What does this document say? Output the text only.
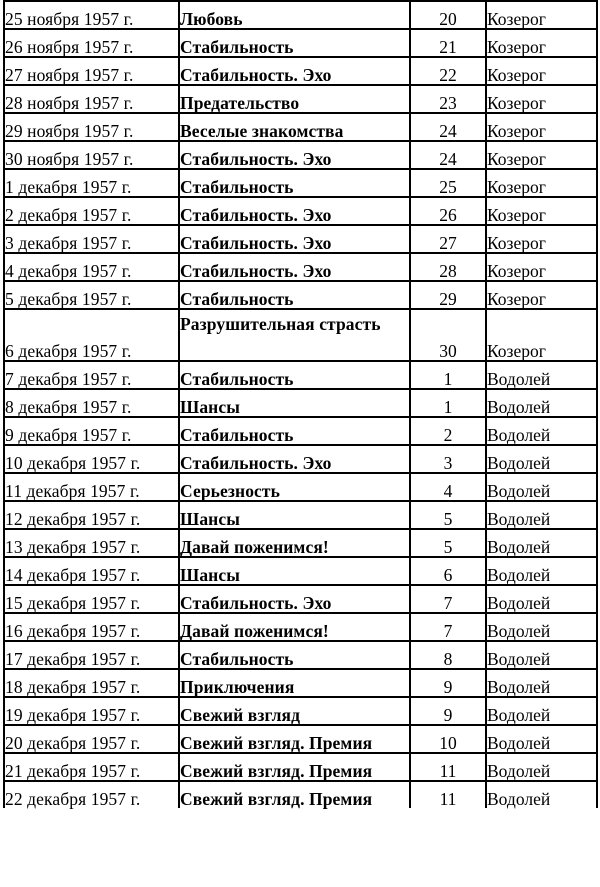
25 ноября 1957 г.	Любовь	20	Козерог
26 ноября 1957 г.	Стабильность	21	Козерог
27 ноября 1957 г.	Стабильность. Эхо	22	Козерог
28 ноября 1957 г.	Предательство	23	Козерог
29 ноября 1957 г.	Веселые знакомства	24	Козерог
30 ноября 1957 г.	Стабильность. Эхо	24	Козерог
1 декабря 1957 г.	Стабильность	25	Козерог
2 декабря 1957 г.	Стабильность. Эхо	26	Козерог
3 декабря 1957 г.	Стабильность. Эхо	27	Козерог
4 декабря 1957 г.	Стабильность. Эхо	28	Козерог
5 декабря 1957 г.	Стабильность	29	Козерог
6 декабря 1957 г.	Разрушительная страсть	30	Козерог
7 декабря 1957 г.	Стабильность	1	Водолей
8 декабря 1957 г.	Шансы	1	Водолей
9 декабря 1957 г.	Стабильность	2	Водолей
10 декабря 1957 г.	Стабильность. Эхо	3	Водолей
11 декабря 1957 г.	Серьезность	4	Водолей
12 декабря 1957 г.	Шансы	5	Водолей
13 декабря 1957 г.	Давай поженимся!	5	Водолей
14 декабря 1957 г.	Шансы	6	Водолей
15 декабря 1957 г.	Стабильность. Эхо	7	Водолей
16 декабря 1957 г.	Давай поженимся!	7	Водолей
17 декабря 1957 г.	Стабильность	8	Водолей
18 декабря 1957 г.	Приключения	9	Водолей
19 декабря 1957 г.	Свежий взгляд	9	Водолей
20 декабря 1957 г.	Свежий взгляд. Премия	10	Водолей
21 декабря 1957 г.	Свежий взгляд. Премия	11	Водолей
22 декабря 1957 г.	Свежий взгляд. Премия	11	Водолей
